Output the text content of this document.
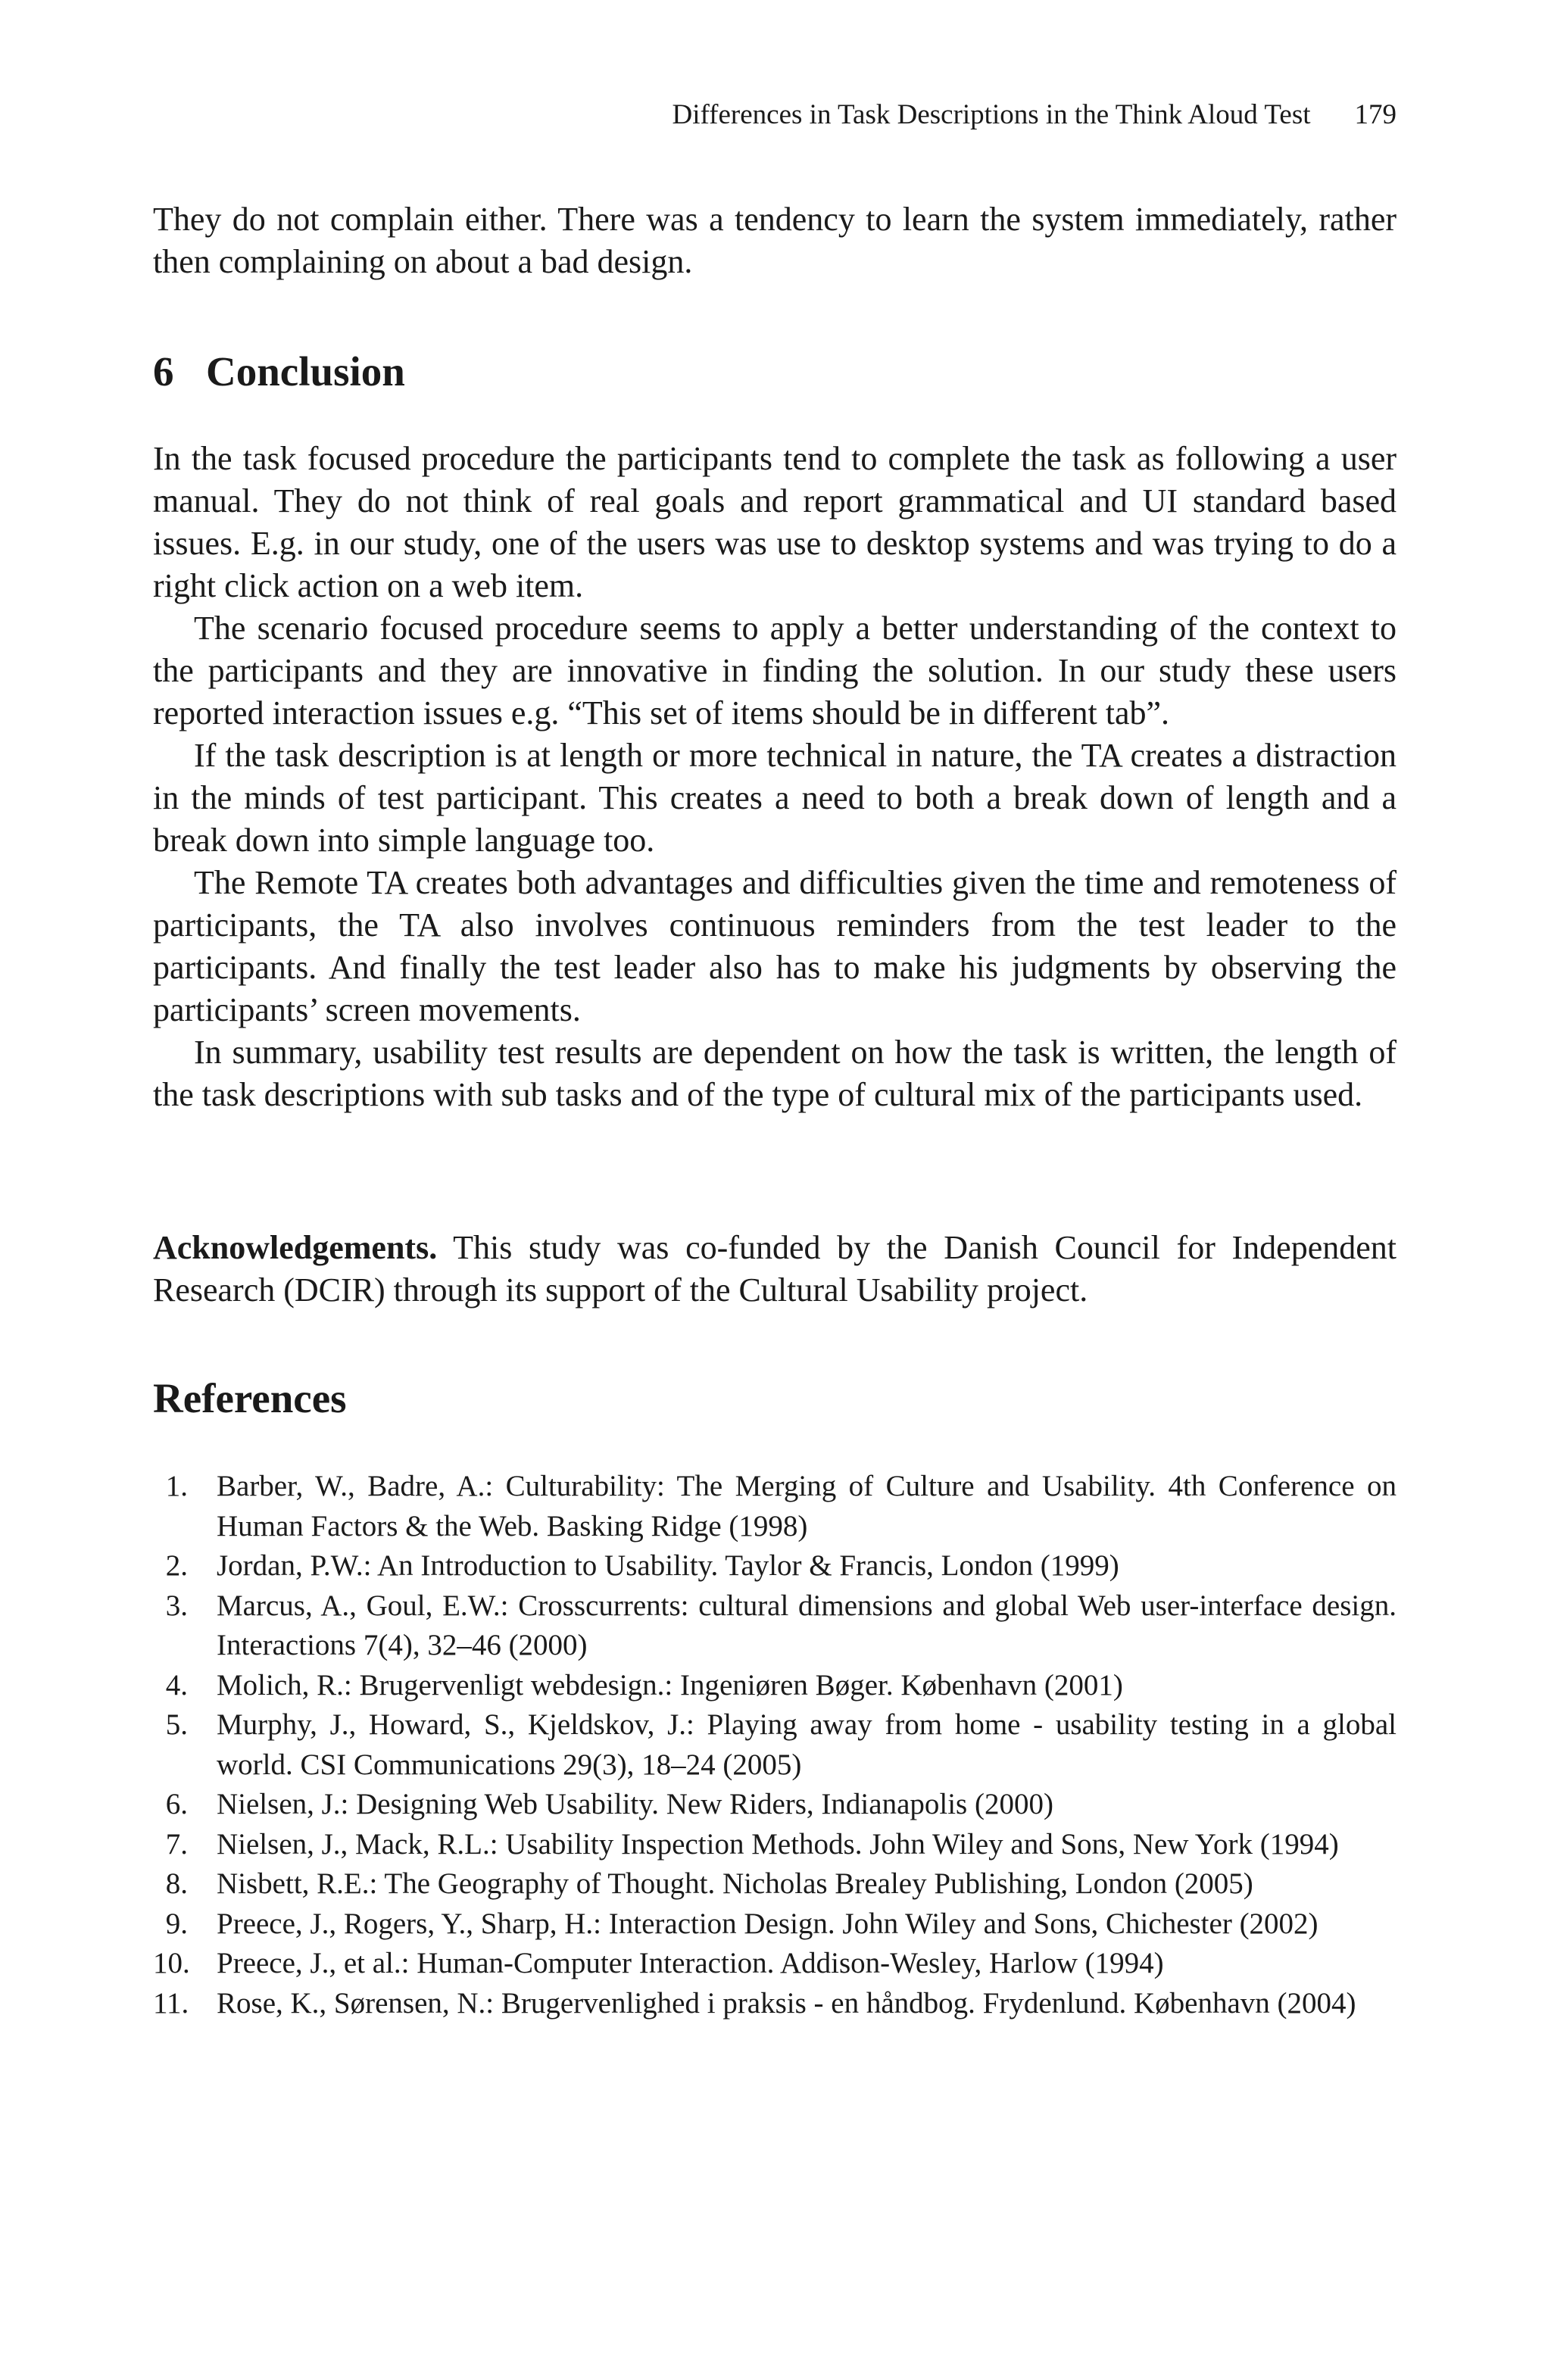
Differences in Task Descriptions in the Think Aloud Test 179

They do not complain either. There was a tendency to learn the system immediately, rather then complaining on about a bad design.

6 Conclusion

In the task focused procedure the participants tend to complete the task as following a user manual. They do not think of real goals and report grammatical and UI standard based issues. E.g. in our study, one of the users was use to desktop systems and was trying to do a right click action on a web item.

The scenario focused procedure seems to apply a better understanding of the context to the participants and they are innovative in finding the solution. In our study these users reported interaction issues e.g. “This set of items should be in different tab”.

If the task description is at length or more technical in nature, the TA creates a distraction in the minds of test participant. This creates a need to both a break down of length and a break down into simple language too.

The Remote TA creates both advantages and difficulties given the time and remoteness of participants, the TA also involves continuous reminders from the test leader to the participants. And finally the test leader also has to make his judgments by observing the participants’ screen movements.

In summary, usability test results are dependent on how the task is written, the length of the task descriptions with sub tasks and of the type of cultural mix of the participants used.

Acknowledgements. This study was co-funded by the Danish Council for Independent Research (DCIR) through its support of the Cultural Usability project.

References
1. Barber, W., Badre, A.: Culturability: The Merging of Culture and Usability. 4th Conference on Human Factors & the Web. Basking Ridge (1998)
2. Jordan, P.W.: An Introduction to Usability. Taylor & Francis, London (1999)
3. Marcus, A., Goul, E.W.: Crosscurrents: cultural dimensions and global Web user-interface design. Interactions 7(4), 32–46 (2000)
4. Molich, R.: Brugervenligt webdesign.: Ingeniøren Bøger. København (2001)
5. Murphy, J., Howard, S., Kjeldskov, J.: Playing away from home - usability testing in a global world. CSI Communications 29(3), 18–24 (2005)
6. Nielsen, J.: Designing Web Usability. New Riders, Indianapolis (2000)
7. Nielsen, J., Mack, R.L.: Usability Inspection Methods. John Wiley and Sons, New York (1994)
8. Nisbett, R.E.: The Geography of Thought. Nicholas Brealey Publishing, London (2005)
9. Preece, J., Rogers, Y., Sharp, H.: Interaction Design. John Wiley and Sons, Chichester (2002)
10. Preece, J., et al.: Human-Computer Interaction. Addison-Wesley, Harlow (1994)
11. Rose, K., Sørensen, N.: Brugervenlighed i praksis - en håndbog. Frydenlund. København (2004)
